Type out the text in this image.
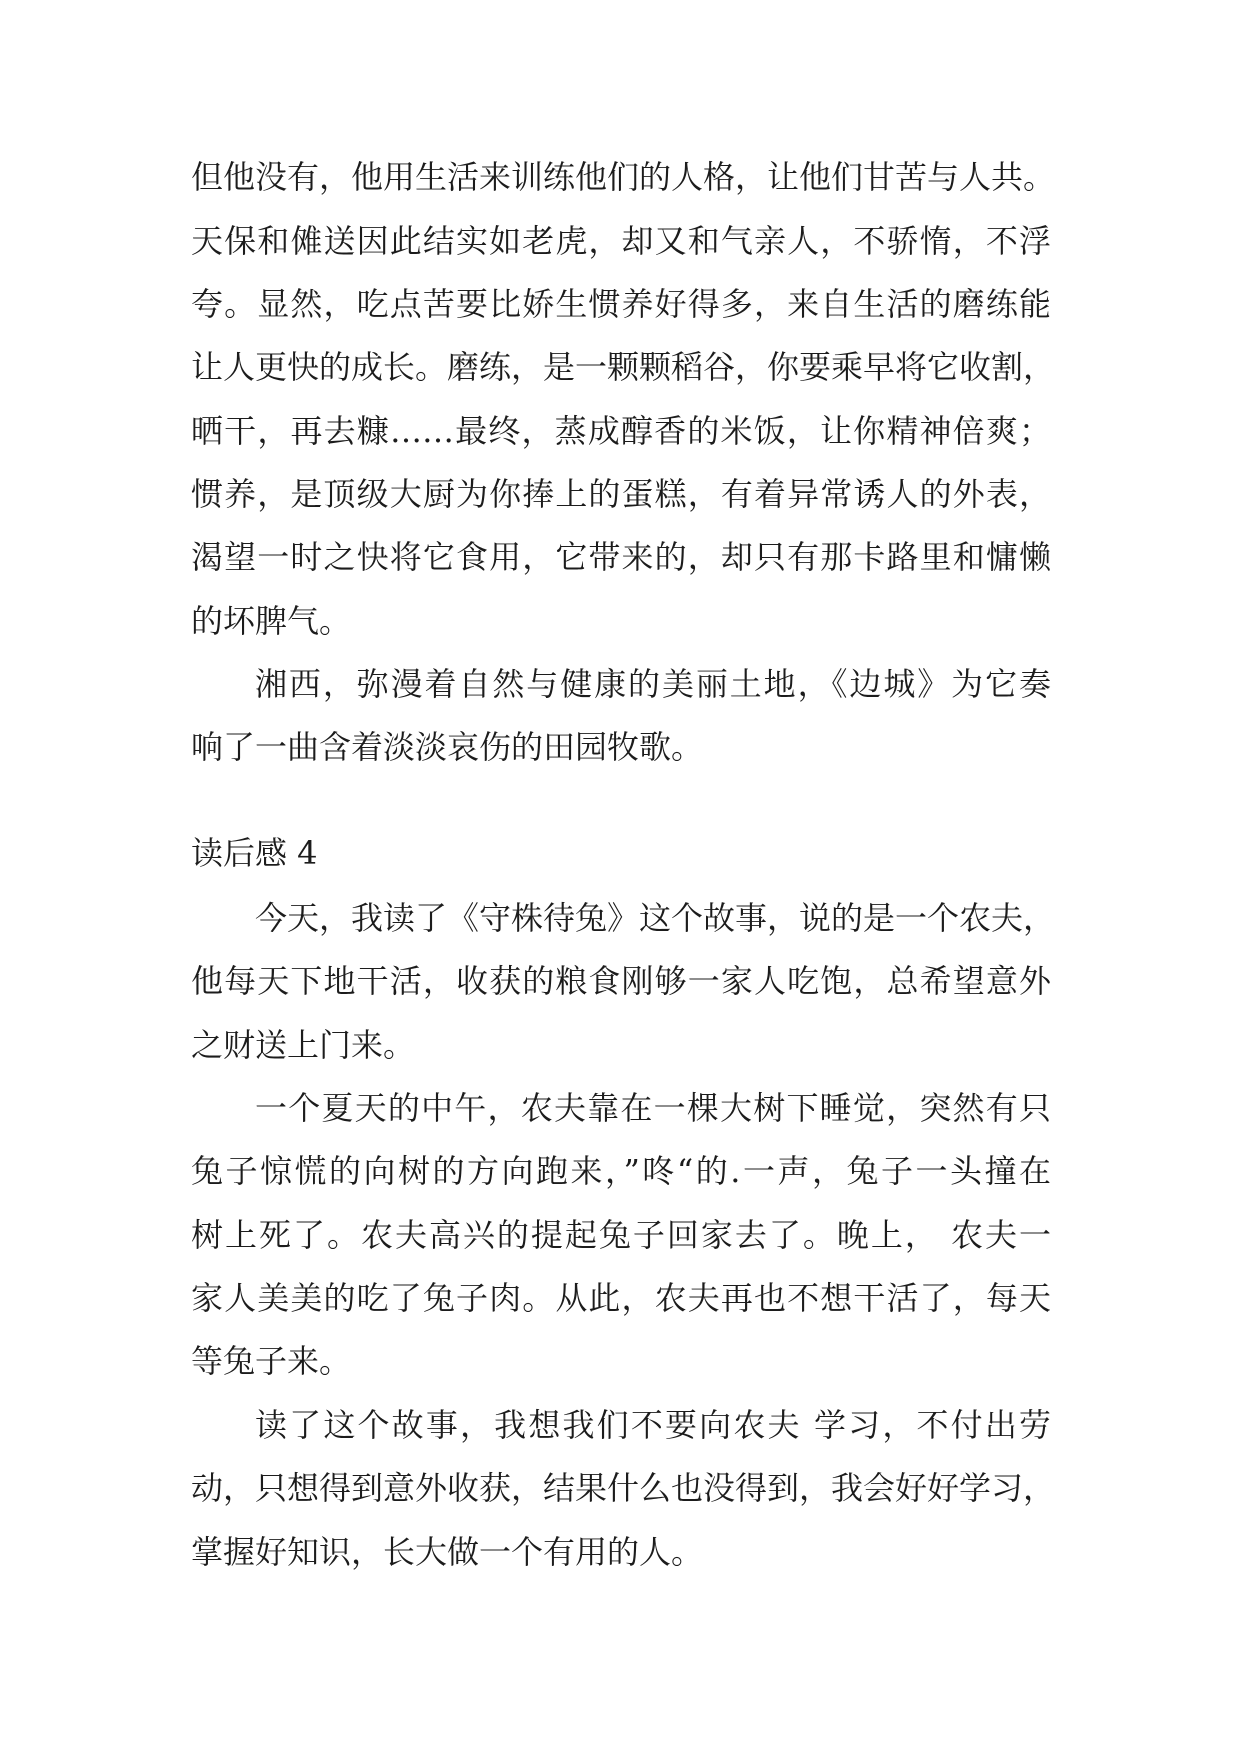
但他没有，他用生活来训练他们的人格，让他们甘苦与人共。
天保和傩送因此结实如老虎，却又和气亲人，不骄惰，不浮
夸。显然，吃点苦要比娇生惯养好得多，来自生活的磨练能
让人更快的成长。磨练，是一颗颗稻谷，你要乘早将它收割，
晒干，再去糠……最终，蒸成醇香的米饭，让你精神倍爽；
惯养，是顶级大厨为你捧上的蛋糕，有着异常诱人的外表，
渴望一时之快将它食用，它带来的，却只有那卡路里和慵懒
的坏脾气。
湘西，弥漫着自然与健康的美丽土地，《边城》为它奏
响了一曲含着淡淡哀伤的田园牧歌。
读后感 4
今天，我读了《守株待兔》这个故事，说的是一个农夫，
他每天下地干活，收获的粮食刚够一家人吃饱，总希望意外
之财送上门来。
一个夏天的中午，农夫靠在一棵大树下睡觉，突然有只
兔子惊慌的向树的方向跑来，”咚“的.一声，兔子一头撞在
树上死了。农夫高兴的提起兔子回家去了。晚上， 农夫一
家人美美的吃了兔子肉。从此，农夫再也不想干活了，每天
等兔子来。
读了这个故事，我想我们不要向农夫 学习，不付出劳
动，只想得到意外收获，结果什么也没得到，我会好好学习，
掌握好知识，长大做一个有用的人。
